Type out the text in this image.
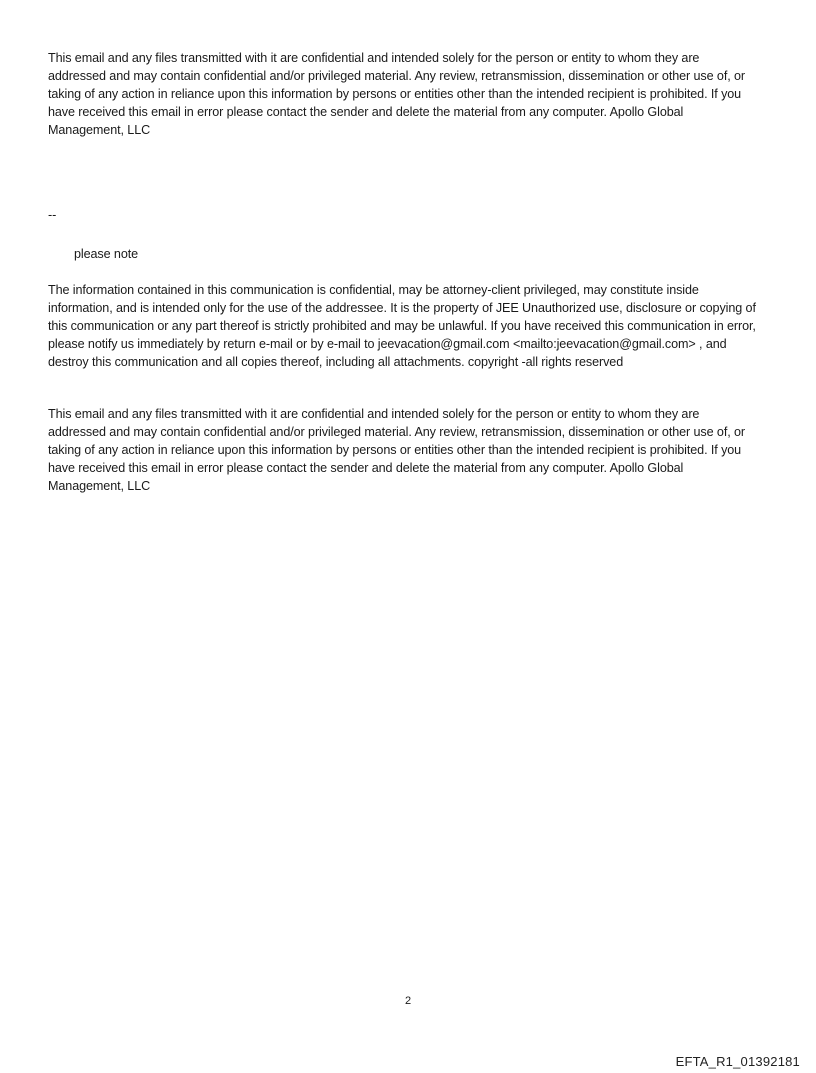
This email and any files transmitted with it are confidential and intended solely for the person or entity to whom they are addressed and may contain confidential and/or privileged material. Any review, retransmission, dissemination or other use of, or taking of any action in reliance upon this information by persons or entities other than the intended recipient is prohibited. If you have received this email in error please contact the sender and delete the material from any computer. Apollo Global Management, LLC

--

please note

The information contained in this communication is confidential, may be attorney-client privileged, may constitute inside information, and is intended only for the use of the addressee. It is the property of JEE Unauthorized use, disclosure or copying of this communication or any part thereof is strictly prohibited and may be unlawful. If you have received this communication in error, please notify us immediately by return e-mail or by e-mail to jeevacation@gmail.com <mailto:jeevacation@gmail.com> , and destroy this communication and all copies thereof, including all attachments. copyright -all rights reserved

This email and any files transmitted with it are confidential and intended solely for the person or entity to whom they are addressed and may contain confidential and/or privileged material. Any review, retransmission, dissemination or other use of, or taking of any action in reliance upon this information by persons or entities other than the intended recipient is prohibited. If you have received this email in error please contact the sender and delete the material from any computer. Apollo Global Management, LLC

2
EFTA_R1_01392181
